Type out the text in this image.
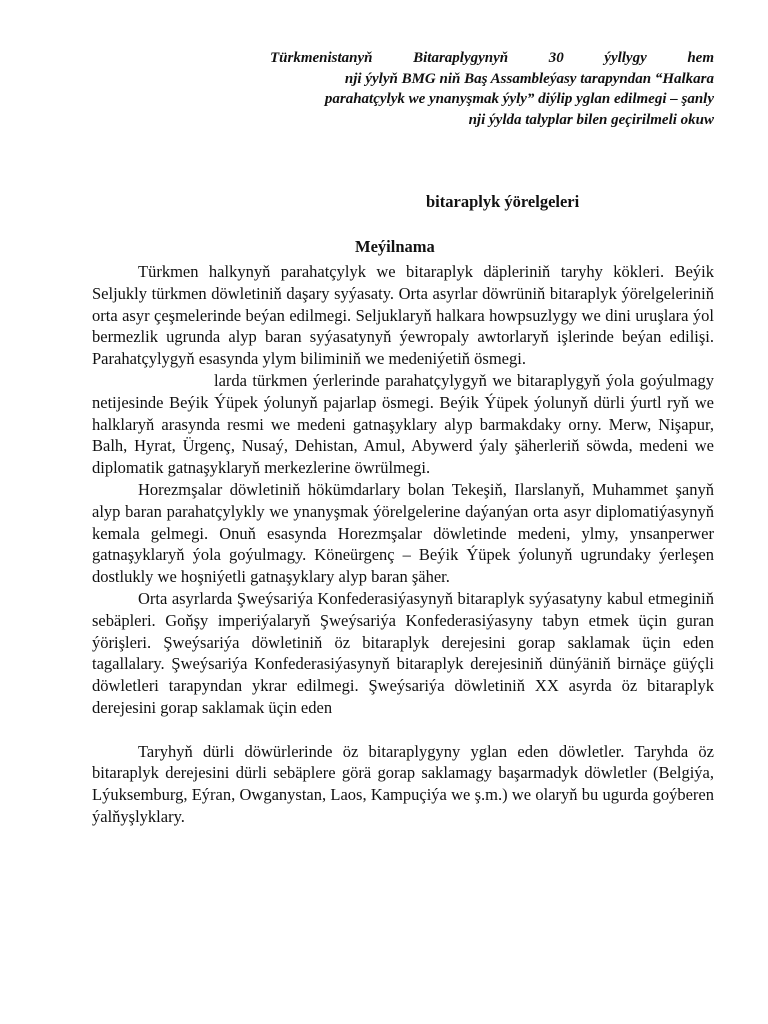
Türkmenistanyň	Bitaraplygynyň	30	ýyllygy	hem
nji ýylyň BMG niň Baş Assambleýasy tarapyndan “Halkara
parahatçylyk we ynanyşmak ýyly” diýlip yglan edilmegi – şanly
nji ýylda talyplar bilen geçirilmeli okuw
bitaraplyk ýörelgeleri
Meýilnama

Türkmen halkynyň parahatçylyk we bitaraplyk däpleriniň taryhy kökleri. Beýik Seljukly türkmen döwletiniň daşary syýasaty. Orta asyrlar döwrüniň bitaraplyk ýörelgeleriniň orta asyr çeşmelerinde beýan edilmegi. Seljuklaryň halkara howpsuzlygy we dini uruşlara ýol bermezlik ugrunda alyp baran syýasatynyň ýewropaly awtorlaryň işlerinde beýan edilişi. Parahatçylygyň esasynda ylym biliminiň we medeniýetiň ösmegi.

larda türkmen ýerlerinde parahatçylygyň we bitaraplygyň ýola goýulmagy netijesinde Beýik Ýüpek ýolunyň pajarlap ösmegi. Beýik Ýüpek ýolunyň dürli ýurtl ryň we halklaryň arasynda resmi we medeni gatnaşyklary alyp barmakdaky orny. Merw, Nişapur, Balh, Hyrat, Ürgenç, Nusaý, Dehistan, Amul, Abywerd ýaly şäherleriň söwda, medeni we diplomatik gatnaşyklaryň merkezlerine öwrülmegi.

Horezmşalar döwletiniň hökümdarlary bolan Tekeşiň, Ilarslanyň, Muhammet şanyň alyp baran parahatçylykly we ynanyşmak ýörelgelerine daýanýan orta asyr diplomatiýasynyň kemala gelmegi. Onuň esasynda Horezmşalar döwletinde medeni, ylmy, ynsanperwer gatnaşyklaryň ýola goýulmagy. Köneürgenç – Beýik Ýüpek ýolunyň ugrundaky ýerleşen dostlukly we hoşniýetli gatnaşyklary alyp baran şäher.

Orta asyrlarda Şweýsariýa Konfederasiýasynyň bitaraplyk syýasatyny kabul etmeginiň sebäpleri. Goňşy imperiýalaryň Şweýsariýa Konfederasiýasyny tabyn etmek üçin guran ýörişleri. Şweýsariýa döwletiniň öz bitaraplyk derejesini gorap saklamak üçin eden tagallalary. Şweýsariýa Konfederasiýasynyň bitaraplyk derejesiniň dünýäniň birnäçe güýçli döwletleri tarapyndan ykrar edilmegi. Şweýsariýa döwletiniň XX asyrda öz bitaraplyk derejesini gorap saklamak üçin eden

Taryhyň dürli döwürlerinde öz bitaraplygyny yglan eden döwletler. Taryhda öz bitaraplyk derejesini dürli sebäplere görä gorap saklamagy başarmadyk döwletler (Belgiýa, Lýuksemburg, Eýran, Owganystan, Laos, Kampuçiýa we ş.m.) we olaryň bu ugurda goýberen ýalňyşlyklary.
